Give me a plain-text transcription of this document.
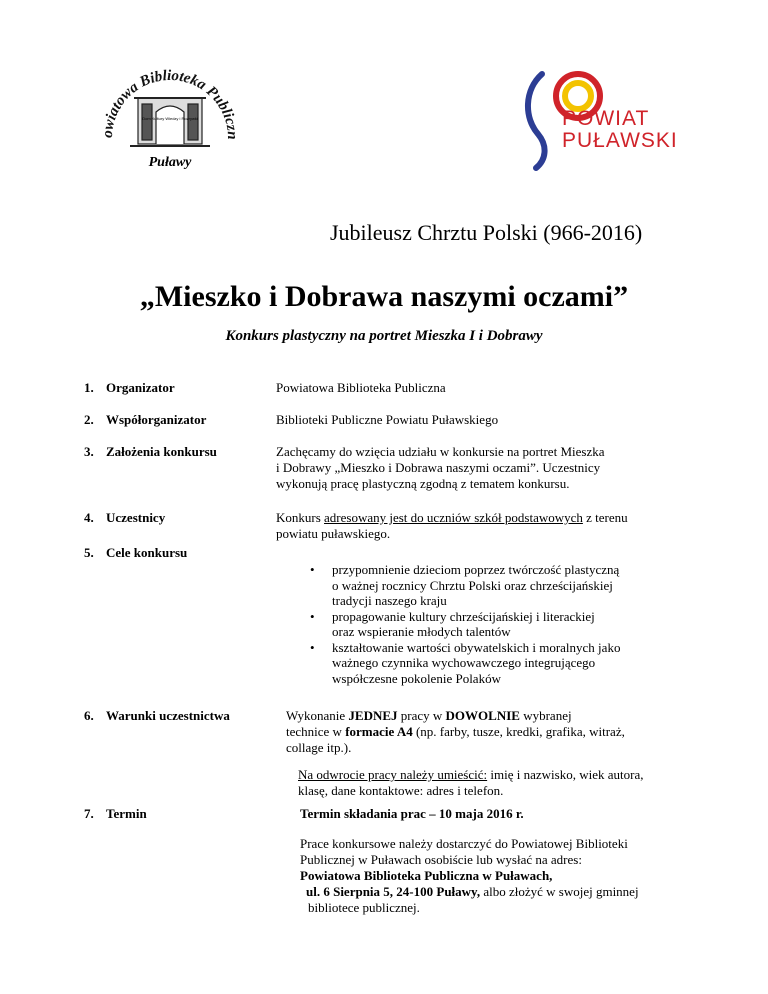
owiatowa Biblioteka Publiczn
Dom Kultury Wiedzy i Rozrywki
Puławy
POWIAT
PUŁAWSKI
Jubileusz Chrztu Polski (966-2016)
„Mieszko i Dobrawa naszymi oczami”
Konkurs plastyczny na portret Mieszka I i Dobrawy
1. Organizator	Powiatowa Biblioteka Publiczna
2. Współorganizator	Biblioteki Publiczne Powiatu Puławskiego
3. Założenia konkursu	Zachęcamy do wzięcia udziału w konkursie na portret Mieszka
i Dobrawy „Mieszko i Dobrawa naszymi oczami”. Uczestnicy
wykonują pracę plastyczną zgodną z tematem konkursu.
4. Uczestnicy	Konkurs adresowany jest do uczniów szkół podstawowych z terenu
powiatu puławskiego.
5. Cele konkursu
• przypomnienie dzieciom poprzez twórczość plastyczną
o ważnej rocznicy Chrztu Polski oraz chrześcijańskiej
tradycji naszego kraju
• propagowanie kultury chrześcijańskiej i literackiej
oraz wspieranie młodych talentów
• kształtowanie wartości obywatelskich i moralnych jako
ważnego czynnika wychowawczego integrującego
współczesne pokolenie Polaków
6. Warunki uczestnictwa	Wykonanie JEDNEJ pracy w DOWOLNIE wybranej
technice w formacie A4 (np. farby, tusze, kredki, grafika, witraż,
collage itp.).
Na odwrocie pracy należy umieścić: imię i nazwisko, wiek autora,
klasę, dane kontaktowe: adres i telefon.
7. Termin	Termin składania prac – 10 maja 2016 r.
Prace konkursowe należy dostarczyć do Powiatowej Biblioteki
Publicznej w Puławach osobiście lub wysłać na adres:
Powiatowa Biblioteka Publiczna w Puławach,
ul. 6 Sierpnia 5, 24-100 Puławy, albo złożyć w swojej gminnej
bibliotece publicznej.
